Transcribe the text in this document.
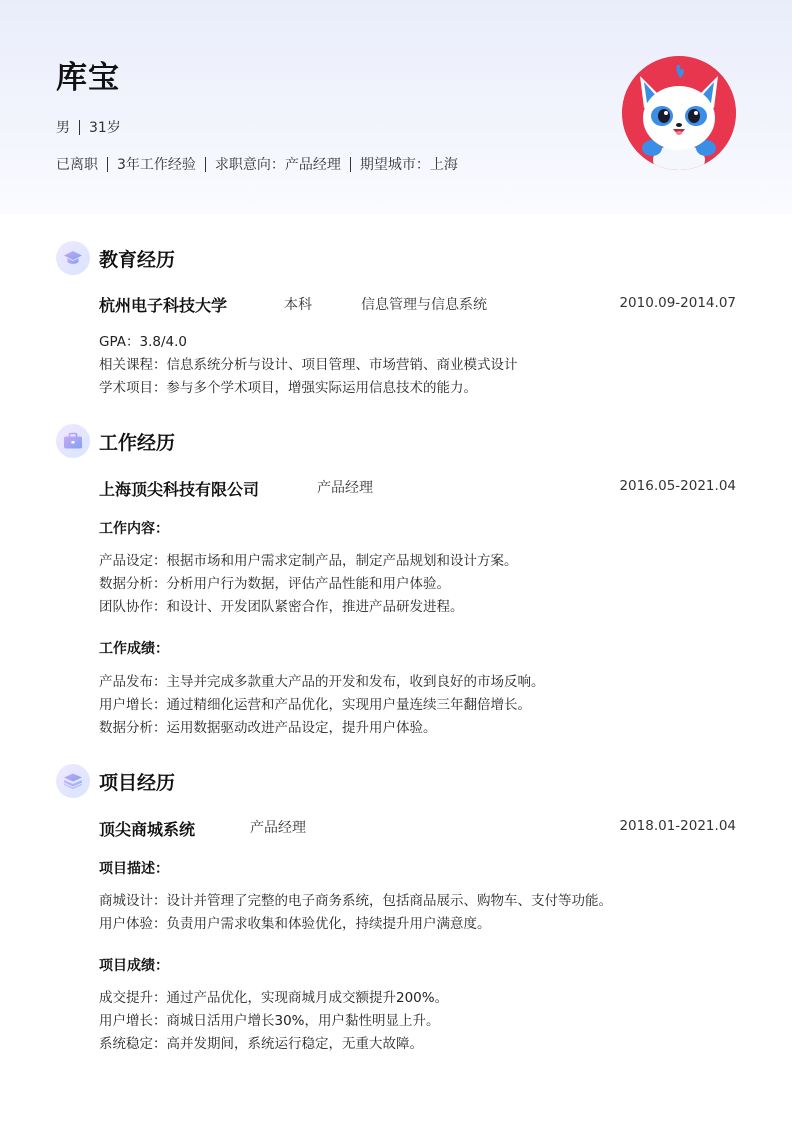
库宝
男 31岁
已离职 3年工作经验 求职意向：产品经理 期望城市：上海
教育经历
杭州电子科技大学	本科	信息管理与信息系统	2010.09-2014.07
GPA：3.8/4.0
相关课程：信息系统分析与设计、项目管理、市场营销、商业模式设计
学术项目：参与多个学术项目，增强实际运用信息技术的能力。
工作经历
上海顶尖科技有限公司	产品经理	2016.05-2021.04
工作内容：
产品设定：根据市场和用户需求定制产品，制定产品规划和设计方案。
数据分析：分析用户行为数据，评估产品性能和用户体验。
团队协作：和设计、开发团队紧密合作，推进产品研发进程。
工作成绩：
产品发布：主导并完成多款重大产品的开发和发布，收到良好的市场反响。
用户增长：通过精细化运营和产品优化，实现用户量连续三年翻倍增长。
数据分析：运用数据驱动改进产品设定，提升用户体验。
项目经历
顶尖商城系统	产品经理	2018.01-2021.04
项目描述：
商城设计：设计并管理了完整的电子商务系统，包括商品展示、购物车、支付等功能。
用户体验：负责用户需求收集和体验优化，持续提升用户满意度。
项目成绩：
成交提升：通过产品优化，实现商城月成交额提升200%。
用户增长：商城日活用户增长30%，用户黏性明显上升。
系统稳定：高并发期间，系统运行稳定，无重大故障。
